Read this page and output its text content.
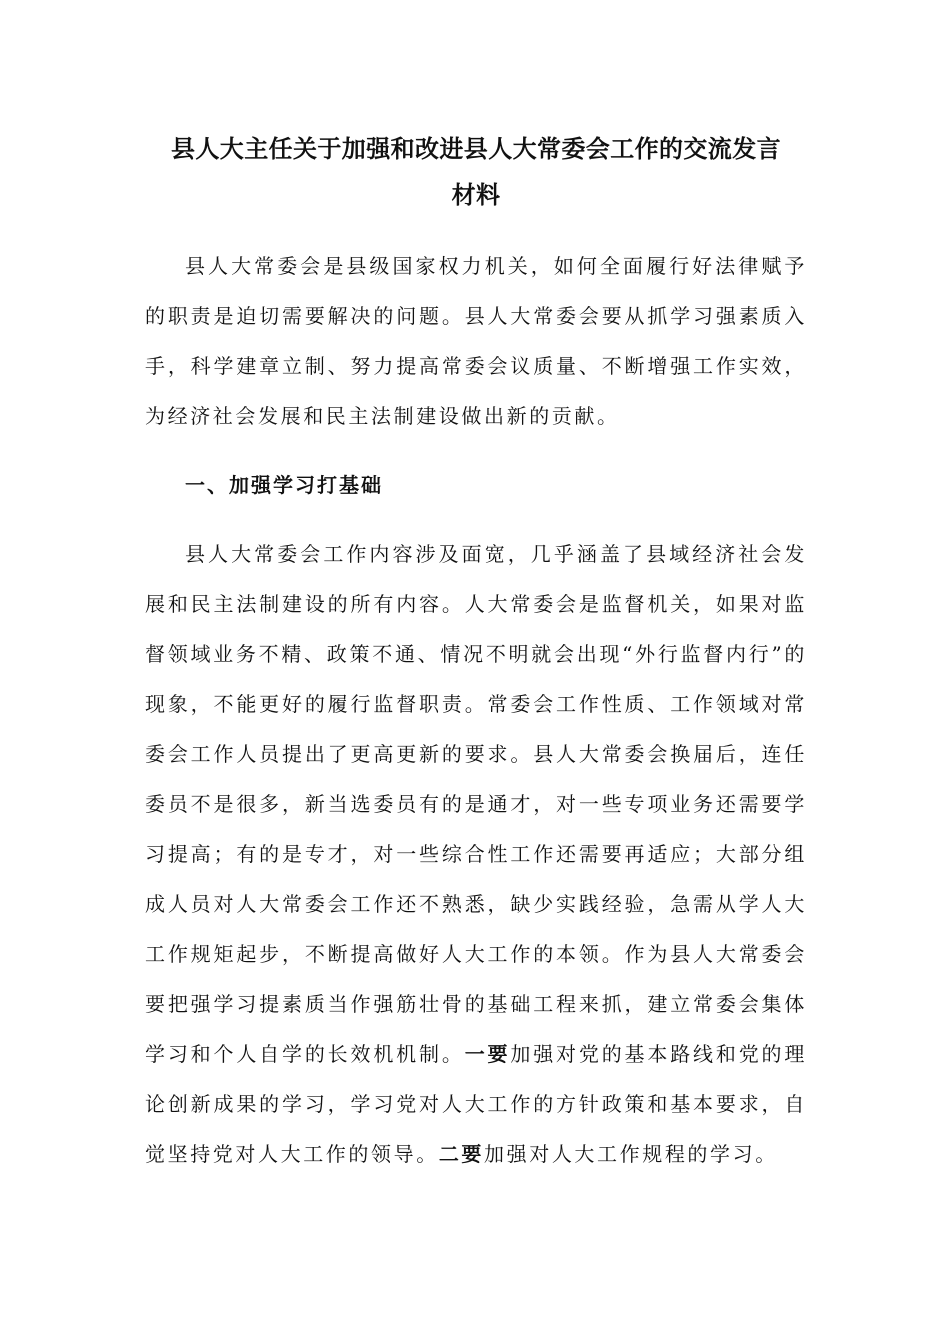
县人大主任关于加强和改进县人大常委会工作的交流发言
材料

县人大常委会是县级国家权力机关，如何全面履行好法律赋予的职责是迫切需要解决的问题。县人大常委会要从抓学习强素质入手，科学建章立制、努力提高常委会议质量、不断增强工作实效，为经济社会发展和民主法制建设做出新的贡献。

一、加强学习打基础

县人大常委会工作内容涉及面宽，几乎涵盖了县域经济社会发展和民主法制建设的所有内容。人大常委会是监督机关，如果对监督领域业务不精、政策不通、情况不明就会出现“外行监督内行”的现象，不能更好的履行监督职责。常委会工作性质、工作领域对常委会工作人员提出了更高更新的要求。县人大常委会换届后，连任委员不是很多，新当选委员有的是通才，对一些专项业务还需要学习提高；有的是专才，对一些综合性工作还需要再适应；大部分组成人员对人大常委会工作还不熟悉，缺少实践经验，急需从学人大工作规矩起步，不断提高做好人大工作的本领。作为县人大常委会要把强学习提素质当作强筋壮骨的基础工程来抓，建立常委会集体学习和个人自学的长效机机制。一要加强对党的基本路线和党的理论创新成果的学习，学习党对人大工作的方针政策和基本要求，自觉坚持党对人大工作的领导。二要加强对人大工作规程的学习。
